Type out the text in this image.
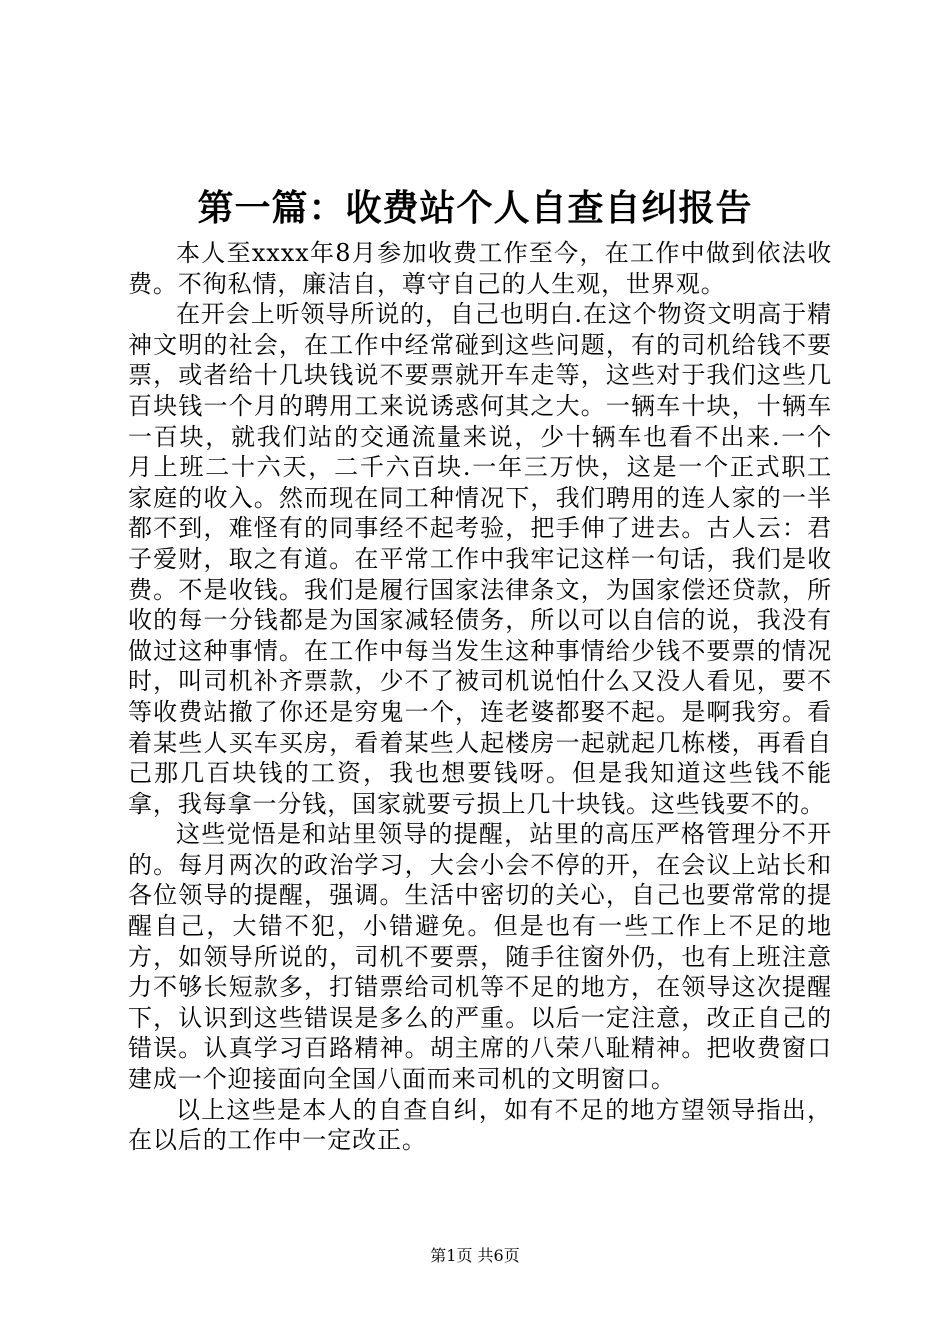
第一篇：收费站个人自查自纠报告

本人至xxxx年8月参加收费工作至今，在工作中做到依法收费。不徇私情，廉洁自，尊守自己的人生观，世界观。

在开会上听领导所说的，自己也明白.在这个物资文明高于精神文明的社会，在工作中经常碰到这些问题，有的司机给钱不要票，或者给十几块钱说不要票就开车走等，这些对于我们这些几百块钱一个月的聘用工来说诱惑何其之大。一辆车十块，十辆车一百块，就我们站的交通流量来说，少十辆车也看不出来.一个月上班二十六天，二千六百块.一年三万快，这是一个正式职工家庭的收入。然而现在同工种情况下，我们聘用的连人家的一半都不到，难怪有的同事经不起考验，把手伸了进去。古人云：君子爱财，取之有道。在平常工作中我牢记这样一句话，我们是收费。不是收钱。我们是履行国家法律条文，为国家偿还贷款，所收的每一分钱都是为国家减轻债务，所以可以自信的说，我没有做过这种事情。在工作中每当发生这种事情给少钱不要票的情况时，叫司机补齐票款，少不了被司机说怕什么又没人看见，要不等收费站撤了你还是穷鬼一个，连老婆都娶不起。是啊我穷。看着某些人买车买房，看着某些人起楼房一起就起几栋楼，再看自己那几百块钱的工资，我也想要钱呀。但是我知道这些钱不能拿，我每拿一分钱，国家就要亏损上几十块钱。这些钱要不的。

这些觉悟是和站里领导的提醒，站里的高压严格管理分不开的。每月两次的政治学习，大会小会不停的开，在会议上站长和各位领导的提醒，强调。生活中密切的关心，自己也要常常的提醒自己，大错不犯，小错避免。但是也有一些工作上不足的地方，如领导所说的，司机不要票，随手往窗外仍，也有上班注意力不够长短款多，打错票给司机等不足的地方，在领导这次提醒下，认识到这些错误是多么的严重。以后一定注意，改正自己的错误。认真学习百路精神。胡主席的八荣八耻精神。把收费窗口建成一个迎接面向全国八面而来司机的文明窗口。

以上这些是本人的自查自纠，如有不足的地方望领导指出，在以后的工作中一定改正。

第1页 共6页
